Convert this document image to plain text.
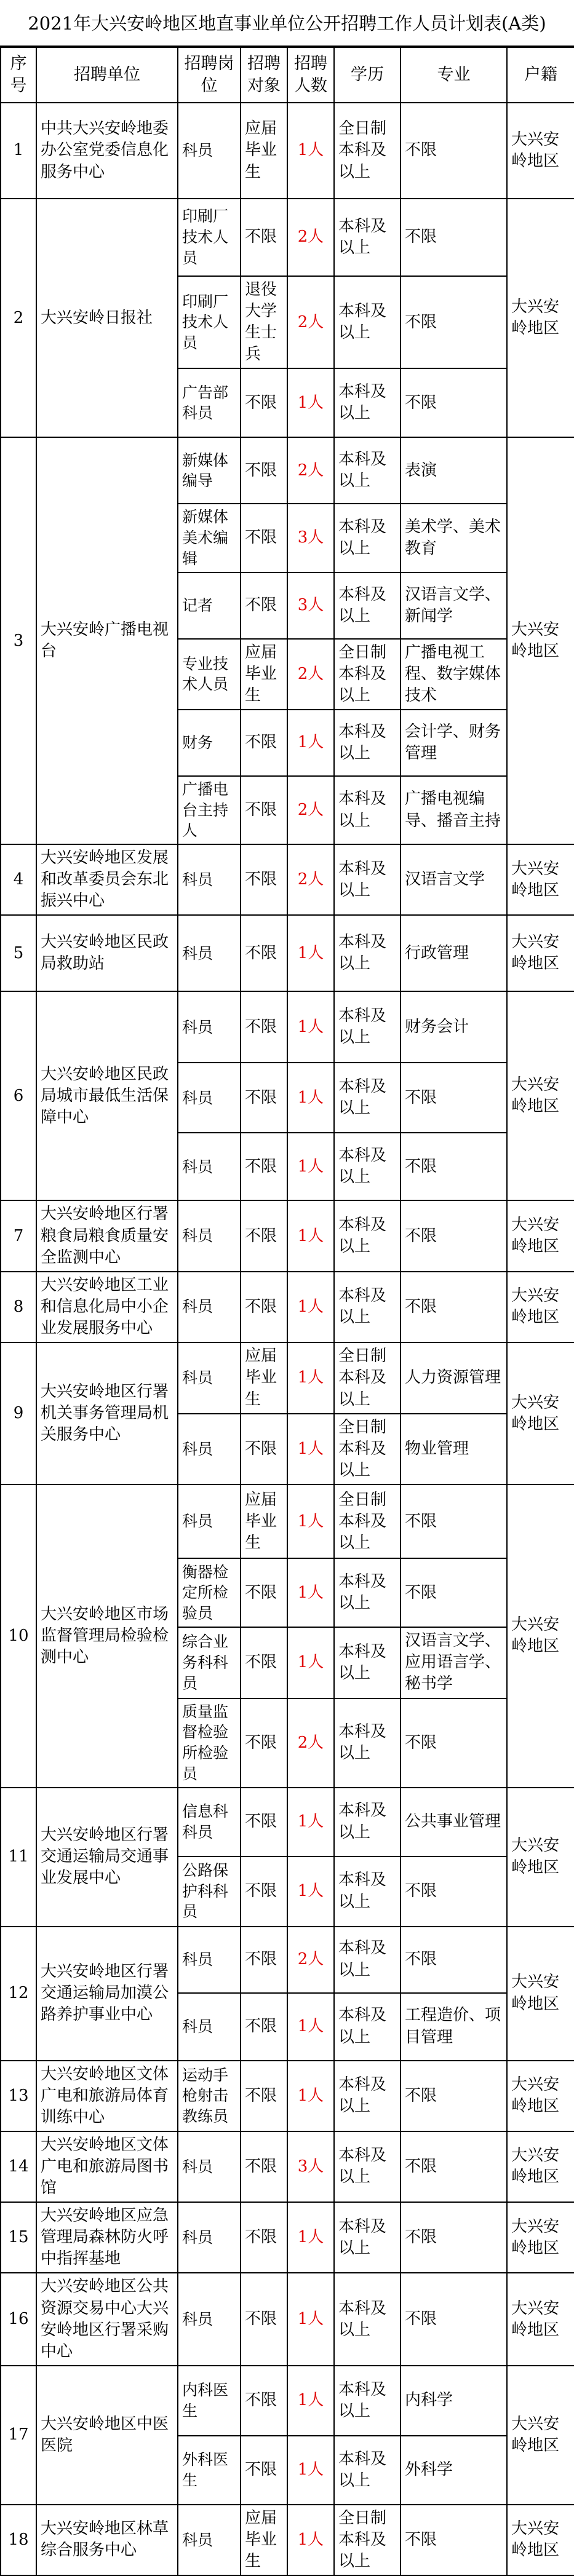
2021年大兴安岭地区地直事业单位公开招聘工作人员计划表(A类)
序号	招聘单位	招聘岗位	招聘对象	招聘人数	学历	专业	户籍
1	中共大兴安岭地委办公室党委信息化服务中心	科员	应届毕业生	1人	全日制本科及以上	不限	大兴安岭地区
2	大兴安岭日报社	印刷厂技术人员	不限	2人	本科及以上	不限	大兴安岭地区
		印刷厂技术人员	退役大学生士兵	2人	本科及以上	不限	
		广告部科员	不限	1人	本科及以上	不限	
3	大兴安岭广播电视台	新媒体编导	不限	2人	本科及以上	表演	大兴安岭地区
		新媒体美术编辑	不限	3人	本科及以上	美术学、美术教育	
		记者	不限	3人	本科及以上	汉语言文学、新闻学	
		专业技术人员	应届毕业生	2人	全日制本科及以上	广播电视工程、数字媒体技术	
		财务	不限	1人	本科及以上	会计学、财务管理	
		广播电台主持人	不限	2人	本科及以上	广播电视编导、播音主持	
4	大兴安岭地区发展和改革委员会东北振兴中心	科员	不限	2人	本科及以上	汉语言文学	大兴安岭地区
5	大兴安岭地区民政局救助站	科员	不限	1人	本科及以上	行政管理	大兴安岭地区
6	大兴安岭地区民政局城市最低生活保障中心	科员	不限	1人	本科及以上	财务会计	大兴安岭地区
		科员	不限	1人	本科及以上	不限	
		科员	不限	1人	本科及以上	不限	
7	大兴安岭地区行署粮食局粮食质量安全监测中心	科员	不限	1人	本科及以上	不限	大兴安岭地区
8	大兴安岭地区工业和信息化局中小企业发展服务中心	科员	不限	1人	本科及以上	不限	大兴安岭地区
9	大兴安岭地区行署机关事务管理局机关服务中心	科员	应届毕业生	1人	全日制本科及以上	人力资源管理	大兴安岭地区
		科员	不限	1人	全日制本科及以上	物业管理	
10	大兴安岭地区市场监督管理局检验检测中心	科员	应届毕业生	1人	全日制本科及以上	不限	大兴安岭地区
		衡器检定所检验员	不限	1人	本科及以上	不限	
		综合业务科科员	不限	1人	本科及以上	汉语言文学、应用语言学、秘书学	
		质量监督检验所检验员	不限	2人	本科及以上	不限	
11	大兴安岭地区行署交通运输局交通事业发展中心	信息科科员	不限	1人	本科及以上	公共事业管理	大兴安岭地区
		公路保护科科员	不限	1人	本科及以上	不限	
12	大兴安岭地区行署交通运输局加漠公路养护事业中心	科员	不限	2人	本科及以上	不限	大兴安岭地区
		科员	不限	1人	本科及以上	工程造价、项目管理	
13	大兴安岭地区文体广电和旅游局体育训练中心	运动手枪射击教练员	不限	1人	本科及以上	不限	大兴安岭地区
14	大兴安岭地区文体广电和旅游局图书馆	科员	不限	3人	本科及以上	不限	大兴安岭地区
15	大兴安岭地区应急管理局森林防火呼中指挥基地	科员	不限	1人	本科及以上	不限	大兴安岭地区
16	大兴安岭地区公共资源交易中心大兴安岭地区行署采购中心	科员	不限	1人	本科及以上	不限	大兴安岭地区
17	大兴安岭地区中医医院	内科医生	不限	1人	本科及以上	内科学	大兴安岭地区
		外科医生	不限	1人	本科及以上	外科学	
18	大兴安岭地区林草综合服务中心	科员	应届毕业生	1人	全日制本科及以上	不限	大兴安岭地区
